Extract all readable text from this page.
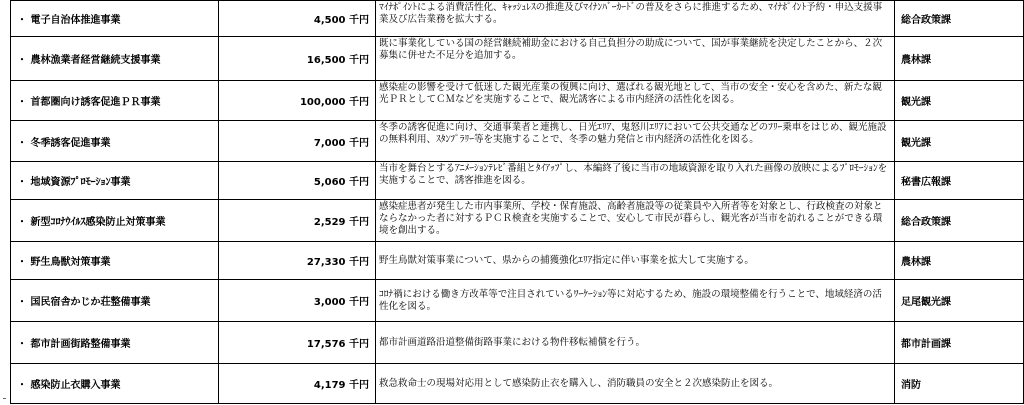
・ 電子自治体推進事業	4,500 千円	ﾏｲﾅﾎﾟｲﾝﾄによる消費活性化、ｷｬｯｼｭﾚｽの推進及びﾏｲﾅﾝﾊﾞｰｶｰﾄﾞの普及をさらに推進するため、ﾏｲﾅﾎﾟｲﾝﾄ予約・申込支援事業及び広告業務を拡大する。	総合政策課
・ 農林漁業者経営継続支援事業	16,500 千円	既に事業化している国の経営継続補助金における自己負担分の助成について、国が事業継続を決定したことから、２次募集に併せた不足分を追加する。	農林課
・ 首都圏向け誘客促進ＰＲ事業	100,000 千円	感染症の影響を受けて低迷した観光産業の復興に向け、選ばれる観光地として、当市の安全・安心を含めた、新たな観光ＰＲとしてＣＭなどを実施することで、観光誘客による市内経済の活性化を図る。	観光課
・ 冬季誘客促進事業	7,000 千円	冬季の誘客促進に向け、交通事業者と連携し、日光ｴﾘｱ、鬼怒川ｴﾘｱにおいて公共交通などのﾌﾘｰ乗車をはじめ、観光施設の無料利用、ｽﾀﾝﾌﾟﾗﾘｰ等を実施することで、冬季の魅力発信と市内経済の活性化を図る。	観光課
・ 地域資源ﾌﾟﾛﾓｰｼｮﾝ事業	5,060 千円	当市を舞台とするｱﾆﾒｰｼｮﾝﾃﾚﾋﾞ番組とﾀｲｱｯﾌﾟし、本編終了後に当市の地域資源を取り入れた画像の放映によるﾌﾟﾛﾓｰｼｮﾝを実施することで、誘客推進を図る。	秘書広報課
・ 新型ｺﾛﾅｳｲﾙｽ感染防止対策事業	2,529 千円	感染症患者が発生した市内事業所、学校・保育施設、高齢者施設等の従業員や入所者等を対象とし、行政検査の対象とならなかった者に対するＰＣＲ検査を実施することで、安心して市民が暮らし、観光客が当市を訪れることができる環境を創出する。	総合政策課
・ 野生鳥獣対策事業	27,330 千円	野生鳥獣対策事業について、県からの捕獲強化ｴﾘｱ指定に伴い事業を拡大して実施する。	農林課
・ 国民宿舎かじか荘整備事業	3,000 千円	ｺﾛﾅ禍における働き方改革等で注目されているﾜｰｹｰｼｮﾝ等に対応するため、施設の環境整備を行うことで、地域経済の活性化を図る。	足尾観光課
・ 都市計画街路整備事業	17,576 千円	都市計画道路沿道整備街路事業における物件移転補償を行う。	都市計画課
・ 感染防止衣購入事業	4,179 千円	救急救命士の現場対応用として感染防止衣を購入し、消防職員の安全と２次感染防止を図る。	消防
